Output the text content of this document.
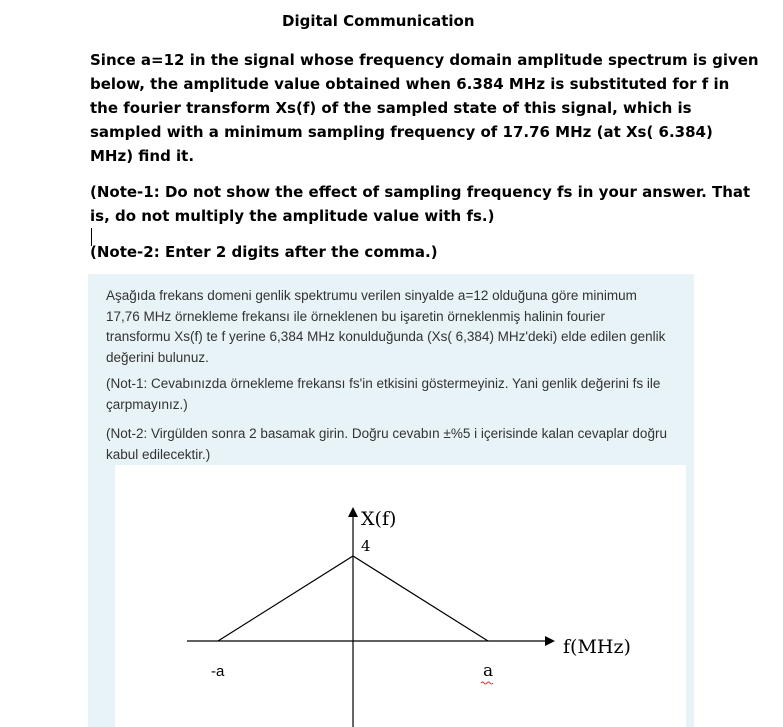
Digital Communication
Since a=12 in the signal whose frequency domain amplitude spectrum is given
below, the amplitude value obtained when 6.384 MHz is substituted for f in
the fourier transform Xs(f) of the sampled state of this signal, which is
sampled with a minimum sampling frequency of 17.76 MHz (at Xs( 6.384)
MHz) find it.
(Note-1: Do not show the effect of sampling frequency fs in your answer. That
is, do not multiply the amplitude value with fs.)
(Note-2: Enter 2 digits after the comma.)
Aşağıda frekans domeni genlik spektrumu verilen sinyalde a=12 olduğuna göre minimum
17,76 MHz örnekleme frekansı ile örneklenen bu işaretin örneklenmiş halinin fourier
transformu Xs(f) te f yerine 6,384 MHz konulduğunda (Xs( 6,384) MHz'deki) elde edilen genlik
değerini bulunuz.
(Not-1: Cevabınızda örnekleme frekansı fs'in etkisini göstermeyiniz. Yani genlik değerini fs ile
çarpmayınız.)
(Not-2: Virgülden sonra 2 basamak girin. Doğru cevabın ±%5 i içerisinde kalan cevaplar doğru
kabul edilecektir.)
X(f)
4
f(MHz)
-a	a
